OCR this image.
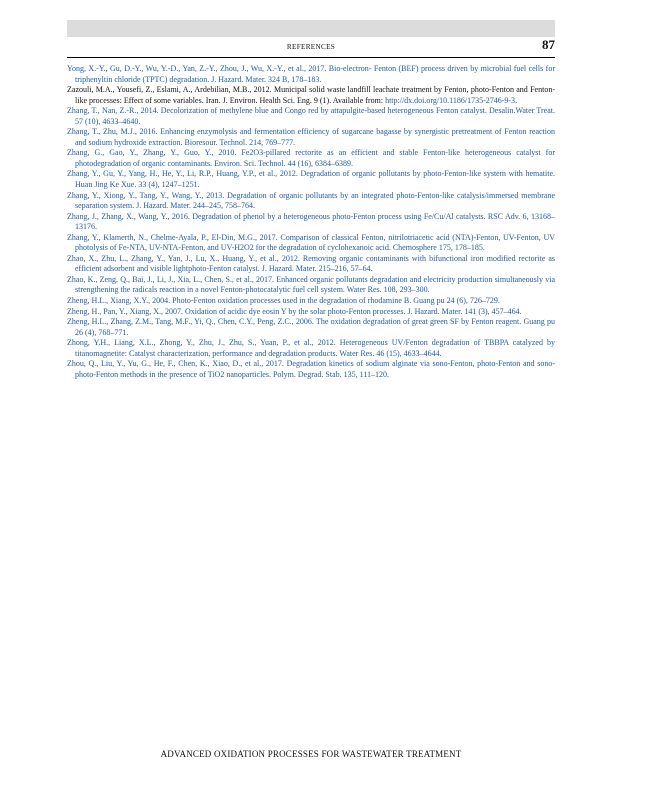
REFERENCES	87
Yong, X.-Y., Gu, D.-Y., Wu, Y.-D., Yan, Z.-Y., Zhou, J., Wu, X.-Y., et al., 2017. Bio-electron- Fenton (BEF) process driven by microbial fuel cells for triphenyltin chloride (TPTC) degradation. J. Hazard. Mater. 324 B, 178–183.
Zazouli, M.A., Yousefi, Z., Eslami, A., Ardebilian, M.B., 2012. Municipal solid waste landfill leachate treatment by Fenton, photo-Fenton and Fenton-like processes: Effect of some variables. Iran. J. Environ. Health Sci. Eng. 9 (1). Available from: http://dx.doi.org/10.1186/1735-2746-9-3.
Zhang, T., Nan, Z.-R., 2014. Decolorization of methylene blue and Congo red by attapulgite-based heterogeneous Fenton catalyst. Desalin.Water Treat. 57 (10), 4633–4640.
Zhang, T., Zhu, M.J., 2016. Enhancing enzymolysis and fermentation efficiency of sugarcane bagasse by synergistic pretreatment of Fenton reaction and sodium hydroxide extraction. Bioresour. Technol. 214, 769–777.
Zhang, G., Gao, Y., Zhang, Y., Guo, Y., 2010. Fe2O3-pillared rectorite as an efficient and stable Fenton-like heterogeneous catalyst for photodegradation of organic contaminants. Environ. Sci. Technol. 44 (16), 6384–6389.
Zhang, Y., Gu, Y., Yang, H., He, Y., Li, R.P., Huang, Y.P., et al., 2012. Degradation of organic pollutants by photo-Fenton-like system with hematite. Huan Jing Ke Xue. 33 (4), 1247–1251.
Zhang, Y., Xiong, Y., Tang, Y., Wang, Y., 2013. Degradation of organic pollutants by an integrated photo-Fenton-like catalysis/immersed membrane separation system. J. Hazard. Mater. 244–245, 758–764.
Zhang, J., Zhang, X., Wang, Y., 2016. Degradation of phenol by a heterogeneous photo-Fenton process using Fe/Cu/Al catalysts. RSC Adv. 6, 13168–13176.
Zhang, Y., Klamerth, N., Chelme-Ayala, P., El-Din, M.G., 2017. Comparison of classical Fenton, nitrilotriacetic acid (NTA)-Fenton, UV-Fenton, UV photolysis of Fe-NTA, UV-NTA-Fenton, and UV-H2O2 for the degradation of cyclohexanoic acid. Chemosphere 175, 178–185.
Zhao, X., Zhu, L., Zhang, Y., Yan, J., Lu, X., Huang, Y., et al., 2012. Removing organic contaminants with bifunctional iron modified rectorite as efficient adsorbent and visible lightphoto-Fenton catalyst. J. Hazard. Mater. 215–216, 57–64.
Zhao, K., Zeng, Q., Bai, J., Li, J., Xia, L., Chen, S., et al., 2017. Enhanced organic pollutants degradation and electricity production simultaneously via strengthening the radicals reaction in a novel Fenton-photocatalytic fuel cell system. Water Res. 108, 293–300.
Zheng, H.L., Xiang, X.Y., 2004. Photo-Fenton oxidation processes used in the degradation of rhodamine B. Guang pu 24 (6), 726–729.
Zheng, H., Pan, Y., Xiang, X., 2007. Oxidation of acidic dye eosin Y by the solar photo-Fenton processes. J. Hazard. Mater. 141 (3), 457–464.
Zheng, H.L., Zhang, Z.M., Tang, M.F., Yi, Q., Chen, C.Y., Peng, Z.C., 2006. The oxidation degradation of great green SF by Fenton reagent. Guang pu 26 (4), 768–771.
Zhong, Y.H., Liang, X.L., Zhong, Y., Zhu, J., Zhu, S., Yuan, P., et al., 2012. Heterogeneous UV/Fenton degradation of TBBPA catalyzed by titanomagnetite: Catalyst characterization, performance and degradation products. Water Res. 46 (15), 4633–4644.
Zhou, Q., Liu, Y., Yu, G., He, F., Chen, K., Xiao, D., et al., 2017. Degradation kinetics of sodium alginate via sono-Fenton, photo-Fenton and sono-photo-Fenton methods in the presence of TiO2 nanoparticles. Polym. Degrad. Stab. 135, 111–120.
ADVANCED OXIDATION PROCESSES FOR WASTEWATER TREATMENT
